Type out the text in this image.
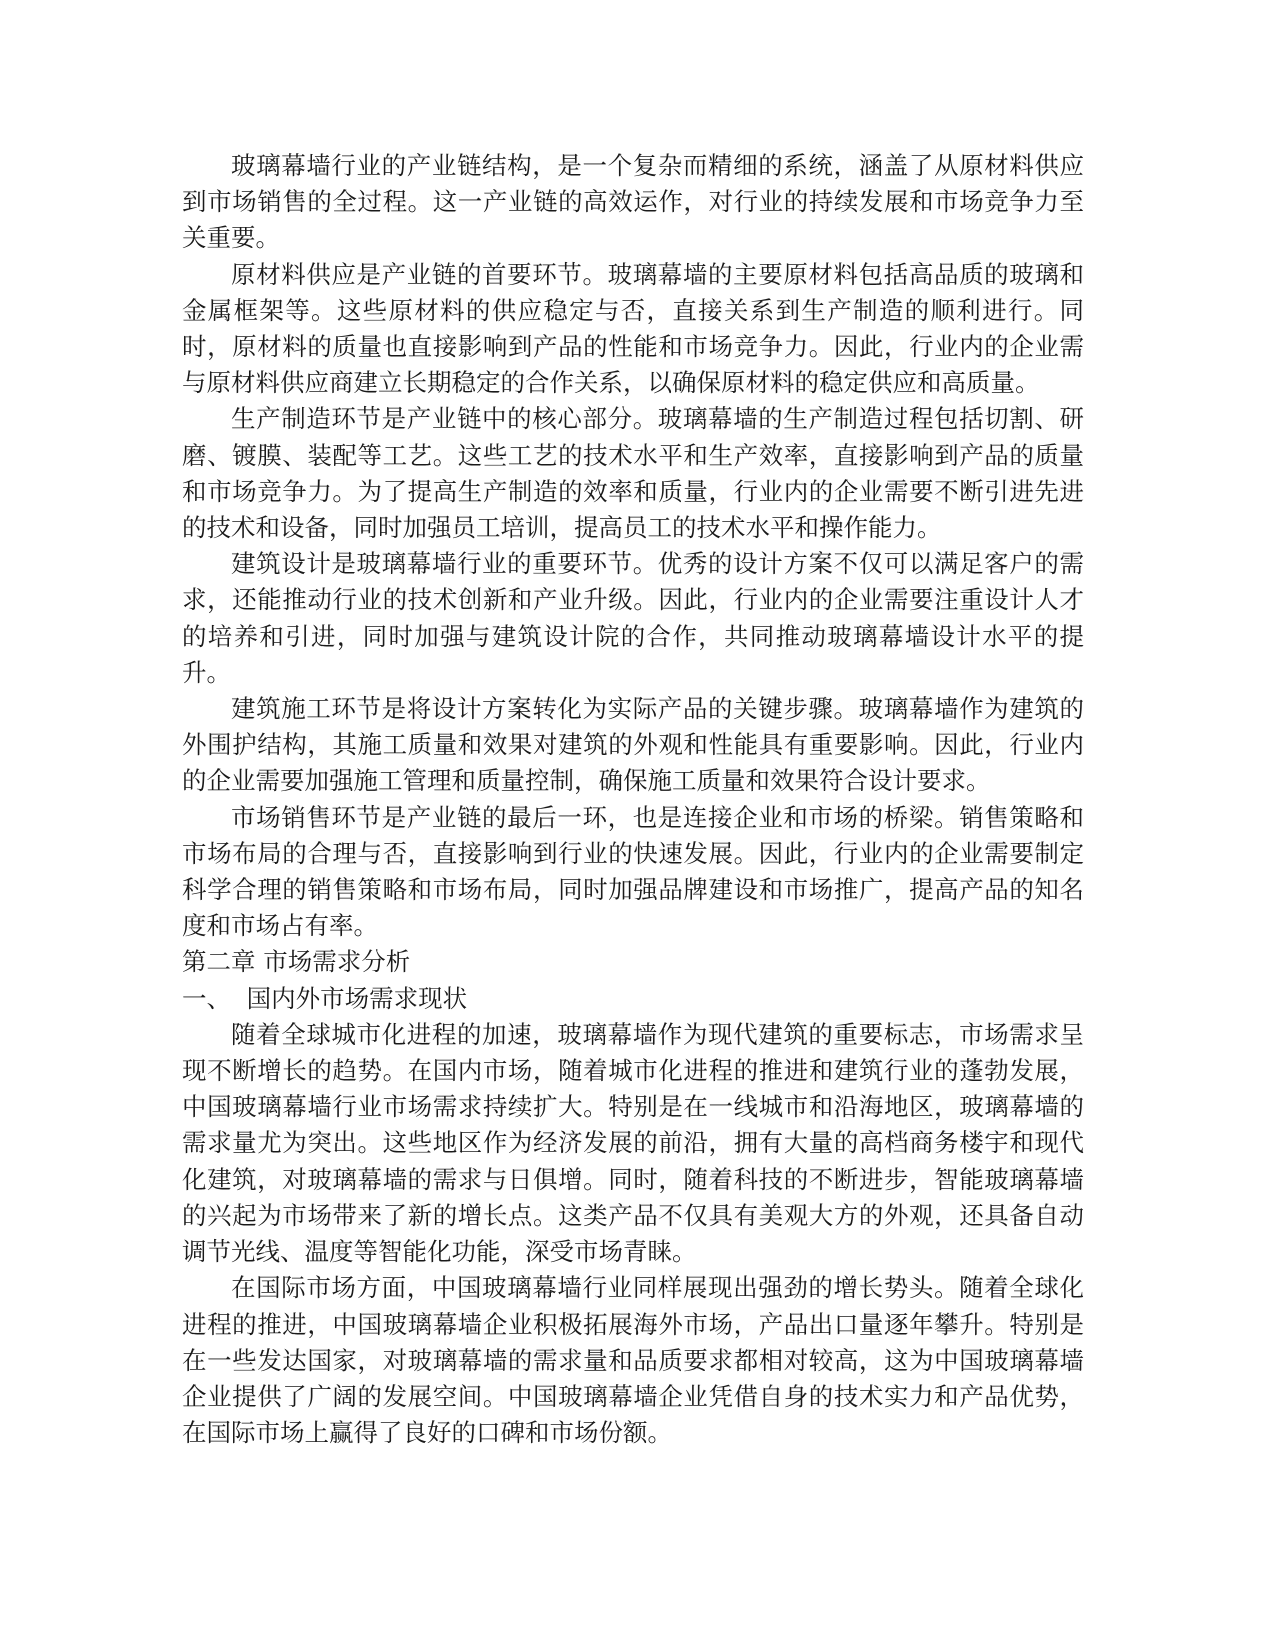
玻璃幕墙行业的产业链结构，是一个复杂而精细的系统，涵盖了从原材料供应到市场销售的全过程。这一产业链的高效运作，对行业的持续发展和市场竞争力至关重要。

原材料供应是产业链的首要环节。玻璃幕墙的主要原材料包括高品质的玻璃和金属框架等。这些原材料的供应稳定与否，直接关系到生产制造的顺利进行。同时，原材料的质量也直接影响到产品的性能和市场竞争力。因此，行业内的企业需与原材料供应商建立长期稳定的合作关系，以确保原材料的稳定供应和高质量。

生产制造环节是产业链中的核心部分。玻璃幕墙的生产制造过程包括切割、研磨、镀膜、装配等工艺。这些工艺的技术水平和生产效率，直接影响到产品的质量和市场竞争力。为了提高生产制造的效率和质量，行业内的企业需要不断引进先进的技术和设备，同时加强员工培训，提高员工的技术水平和操作能力。

建筑设计是玻璃幕墙行业的重要环节。优秀的设计方案不仅可以满足客户的需求，还能推动行业的技术创新和产业升级。因此，行业内的企业需要注重设计人才的培养和引进，同时加强与建筑设计院的合作，共同推动玻璃幕墙设计水平的提升。

建筑施工环节是将设计方案转化为实际产品的关键步骤。玻璃幕墙作为建筑的外围护结构，其施工质量和效果对建筑的外观和性能具有重要影响。因此，行业内的企业需要加强施工管理和质量控制，确保施工质量和效果符合设计要求。

市场销售环节是产业链的最后一环，也是连接企业和市场的桥梁。销售策略和市场布局的合理与否，直接影响到行业的快速发展。因此，行业内的企业需要制定科学合理的销售策略和市场布局，同时加强品牌建设和市场推广，提高产品的知名度和市场占有率。

第二章 市场需求分析

一、  国内外市场需求现状

随着全球城市化进程的加速，玻璃幕墙作为现代建筑的重要标志，市场需求呈现不断增长的趋势。在国内市场，随着城市化进程的推进和建筑行业的蓬勃发展，中国玻璃幕墙行业市场需求持续扩大。特别是在一线城市和沿海地区，玻璃幕墙的需求量尤为突出。这些地区作为经济发展的前沿，拥有大量的高档商务楼宇和现代化建筑，对玻璃幕墙的需求与日俱增。同时，随着科技的不断进步，智能玻璃幕墙的兴起为市场带来了新的增长点。这类产品不仅具有美观大方的外观，还具备自动调节光线、温度等智能化功能，深受市场青睐。

在国际市场方面，中国玻璃幕墙行业同样展现出强劲的增长势头。随着全球化进程的推进，中国玻璃幕墙企业积极拓展海外市场，产品出口量逐年攀升。特别是在一些发达国家，对玻璃幕墙的需求量和品质要求都相对较高，这为中国玻璃幕墙企业提供了广阔的发展空间。中国玻璃幕墙企业凭借自身的技术实力和产品优势，在国际市场上赢得了良好的口碑和市场份额。
